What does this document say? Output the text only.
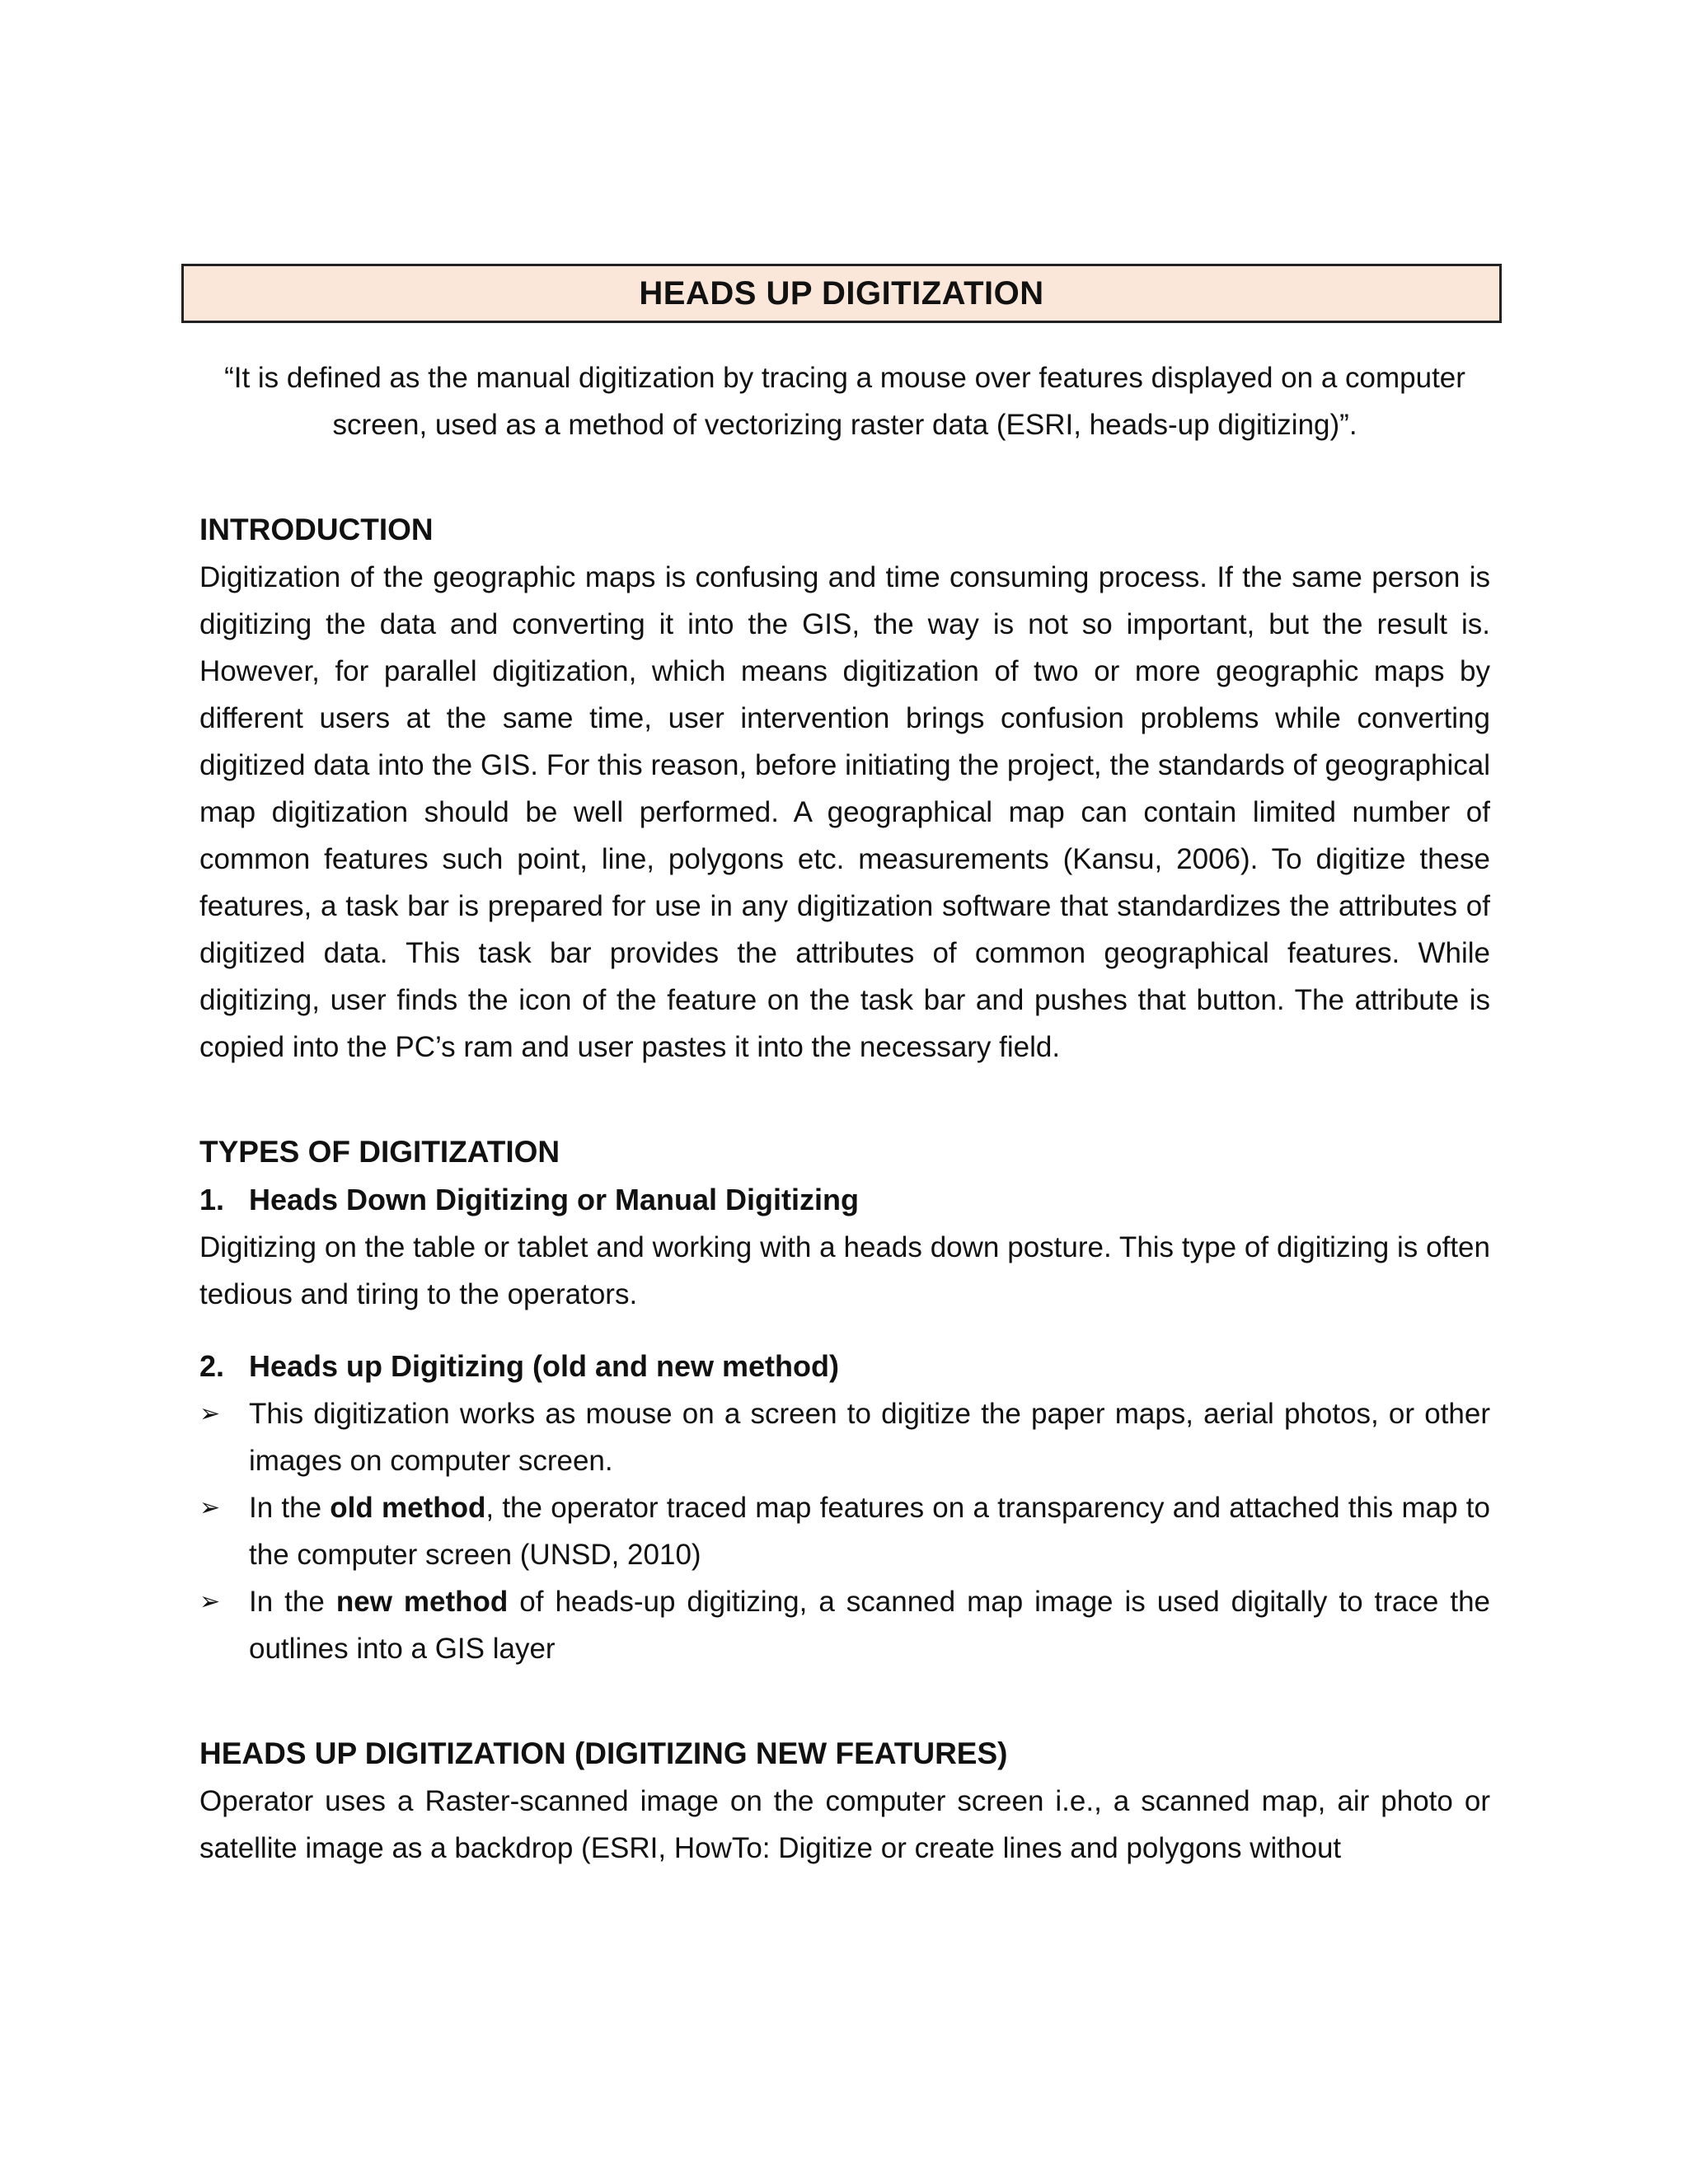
HEADS UP DIGITIZATION

“It is defined as the manual digitization by tracing a mouse over features displayed on a computer screen, used as a method of vectorizing raster data (ESRI, heads-up digitizing)”.

INTRODUCTION

Digitization of the geographic maps is confusing and time consuming process. If the same person is digitizing the data and converting it into the GIS, the way is not so important, but the result is. However, for parallel digitization, which means digitization of two or more geographic maps by different users at the same time, user intervention brings confusion problems while converting digitized data into the GIS. For this reason, before initiating the project, the standards of geographical map digitization should be well performed. A geographical map can contain limited number of common features such point, line, polygons etc. measurements (Kansu, 2006). To digitize these features, a task bar is prepared for use in any digitization software that standardizes the attributes of digitized data. This task bar provides the attributes of common geographical features. While digitizing, user finds the icon of the feature on the task bar and pushes that button. The attribute is copied into the PC’s ram and user pastes it into the necessary field.

TYPES OF DIGITIZATION
1. Heads Down Digitizing or Manual Digitizing

Digitizing on the table or tablet and working with a heads down posture. This type of digitizing is often tedious and tiring to the operators.

2. Heads up Digitizing (old and new method)
➢ This digitization works as mouse on a screen to digitize the paper maps, aerial photos, or other images on computer screen.
➢ In the old method, the operator traced map features on a transparency and attached this map to the computer screen (UNSD, 2010)
➢ In the new method of heads-up digitizing, a scanned map image is used digitally to trace the outlines into a GIS layer
HEADS UP DIGITIZATION (DIGITIZING NEW FEATURES)

Operator uses a Raster-scanned image on the computer screen i.e., a scanned map, air photo or satellite image as a backdrop (ESRI, HowTo: Digitize or create lines and polygons without
